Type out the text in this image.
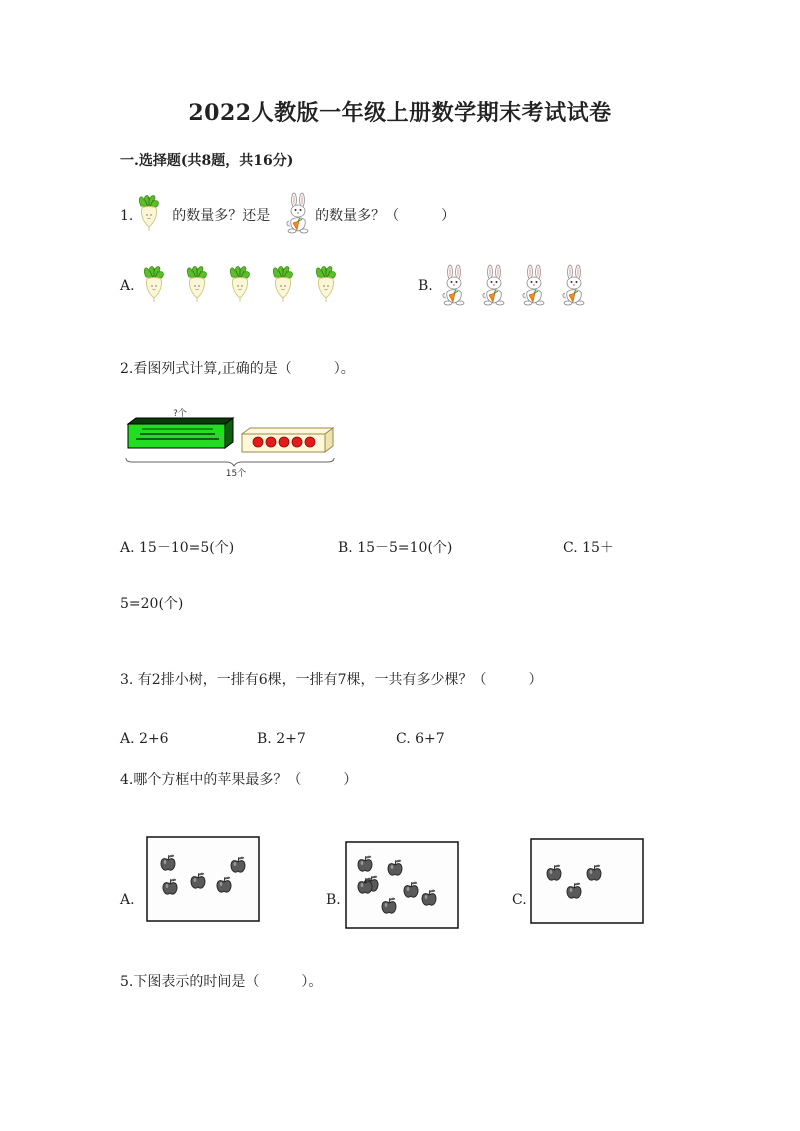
2022人教版一年级上册数学期末考试试卷
一.选择题(共8题，共16分)
1.	的数量多？还是	的数量多？（　　　）
A.	B.
2.看图列式计算,正确的是（　　　）。
?个
15个
A. 15－10=5(个)	B. 15－5=10(个)	C. 15＋
5=20(个)
3. 有2排小树，一排有6棵，一排有7棵，一共有多少棵？（　　　）
A. 2+6	B. 2+7	C. 6+7
4.哪个方框中的苹果最多？（　　　）
A.	B.	C.
5.下图表示的时间是（　　　）。
